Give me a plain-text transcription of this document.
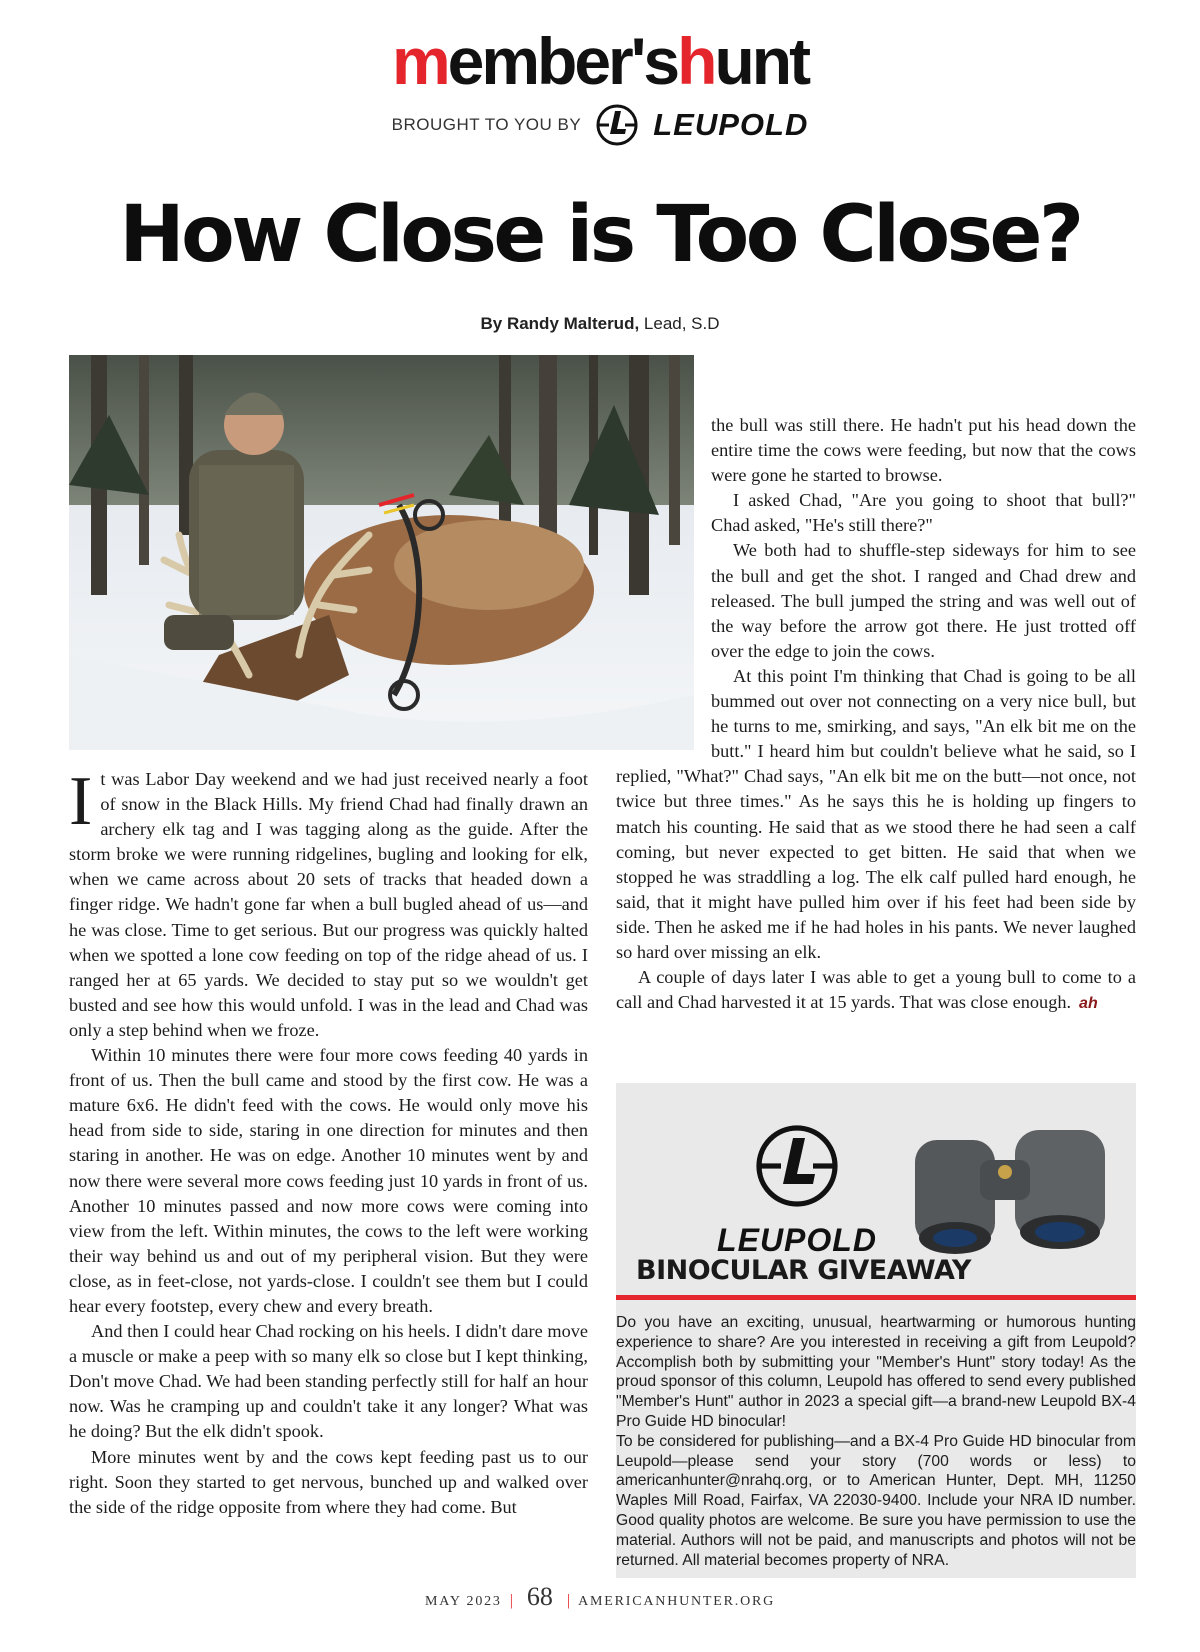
member'shunt
BROUGHT TO YOU BY LEUPOLD
How Close is Too Close?
By Randy Malterud, Lead, S.D

It was Labor Day weekend and we had just received nearly a foot of snow in the Black Hills. My friend Chad had finally drawn an archery elk tag and I was tagging along as the guide. After the storm broke we were running ridgelines, bugling and looking for elk, when we came across about 20 sets of tracks that headed down a finger ridge. We hadn't gone far when a bull bugled ahead of us—and he was close. Time to get serious. But our progress was quickly halted when we spotted a lone cow feeding on top of the ridge ahead of us. I ranged her at 65 yards. We decided to stay put so we wouldn't get busted and see how this would unfold. I was in the lead and Chad was only a step behind when we froze.

Within 10 minutes there were four more cows feeding 40 yards in front of us. Then the bull came and stood by the first cow. He was a mature 6x6. He didn't feed with the cows. He would only move his head from side to side, staring in one direction for minutes and then staring in another. He was on edge. Another 10 minutes went by and now there were several more cows feeding just 10 yards in front of us. Another 10 minutes passed and now more cows were coming into view from the left. Within minutes, the cows to the left were working their way behind us and out of my peripheral vision. But they were close, as in feet-close, not yards-close. I couldn't see them but I could hear every footstep, every chew and every breath.

And then I could hear Chad rocking on his heels. I didn't dare move a muscle or make a peep with so many elk so close but I kept thinking, Don't move Chad. We had been standing perfectly still for half an hour now. Was he cramping up and couldn't take it any longer? What was he doing? But the elk didn't spook.

More minutes went by and the cows kept feeding past us to our right. Soon they started to get nervous, bunched up and walked over the side of the ridge opposite from where they had come. But

the bull was still there. He hadn't put his head down the entire time the cows were feeding, but now that the cows were gone he started to browse.

I asked Chad, "Are you going to shoot that bull?" Chad asked, "He's still there?"

We both had to shuffle-step sideways for him to see the bull and get the shot. I ranged and Chad drew and released. The bull jumped the string and was well out of the way before the arrow got there. He just trotted off over the edge to join the cows.

At this point I'm thinking that Chad is going to be all bummed out over not connecting on a very nice bull, but he turns to me, smirking, and says, "An elk bit me on the butt." I heard him but couldn't believe what he said, so I replied, "What?" Chad says, "An elk bit me on the butt—not once, not twice but three times." As he says this he is holding up fingers to match his counting. He said that as we stood there he had seen a calf coming, but never expected to get bitten. He said that when we stopped he was straddling a log. The elk calf pulled hard enough, he said, that it might have pulled him over if his feet had been side by side. Then he asked me if he had holes in his pants. We never laughed so hard over missing an elk.

A couple of days later I was able to get a young bull to come to a call and Chad harvested it at 15 yards. That was close enough. ah

LEUPOLD
BINOCULAR GIVEAWAY

Do you have an exciting, unusual, heartwarming or humorous hunting experience to share? Are you interested in receiving a gift from Leupold? Accomplish both by submitting your "Member's Hunt" story today! As the proud sponsor of this column, Leupold has offered to send every published "Member's Hunt" author in 2023 a special gift—a brand-new Leupold BX-4 Pro Guide HD binocular!

To be considered for publishing—and a BX-4 Pro Guide HD binocular from Leupold—please send your story (700 words or less) to americanhunter@nrahq.org, or to American Hunter, Dept. MH, 11250 Waples Mill Road, Fairfax, VA 22030-9400. Include your NRA ID number. Good quality photos are welcome. Be sure you have permission to use the material. Authors will not be paid, and manuscripts and photos will not be returned. All material becomes property of NRA.

MAY 2023 | 68 | AMERICANHUNTER.ORG
